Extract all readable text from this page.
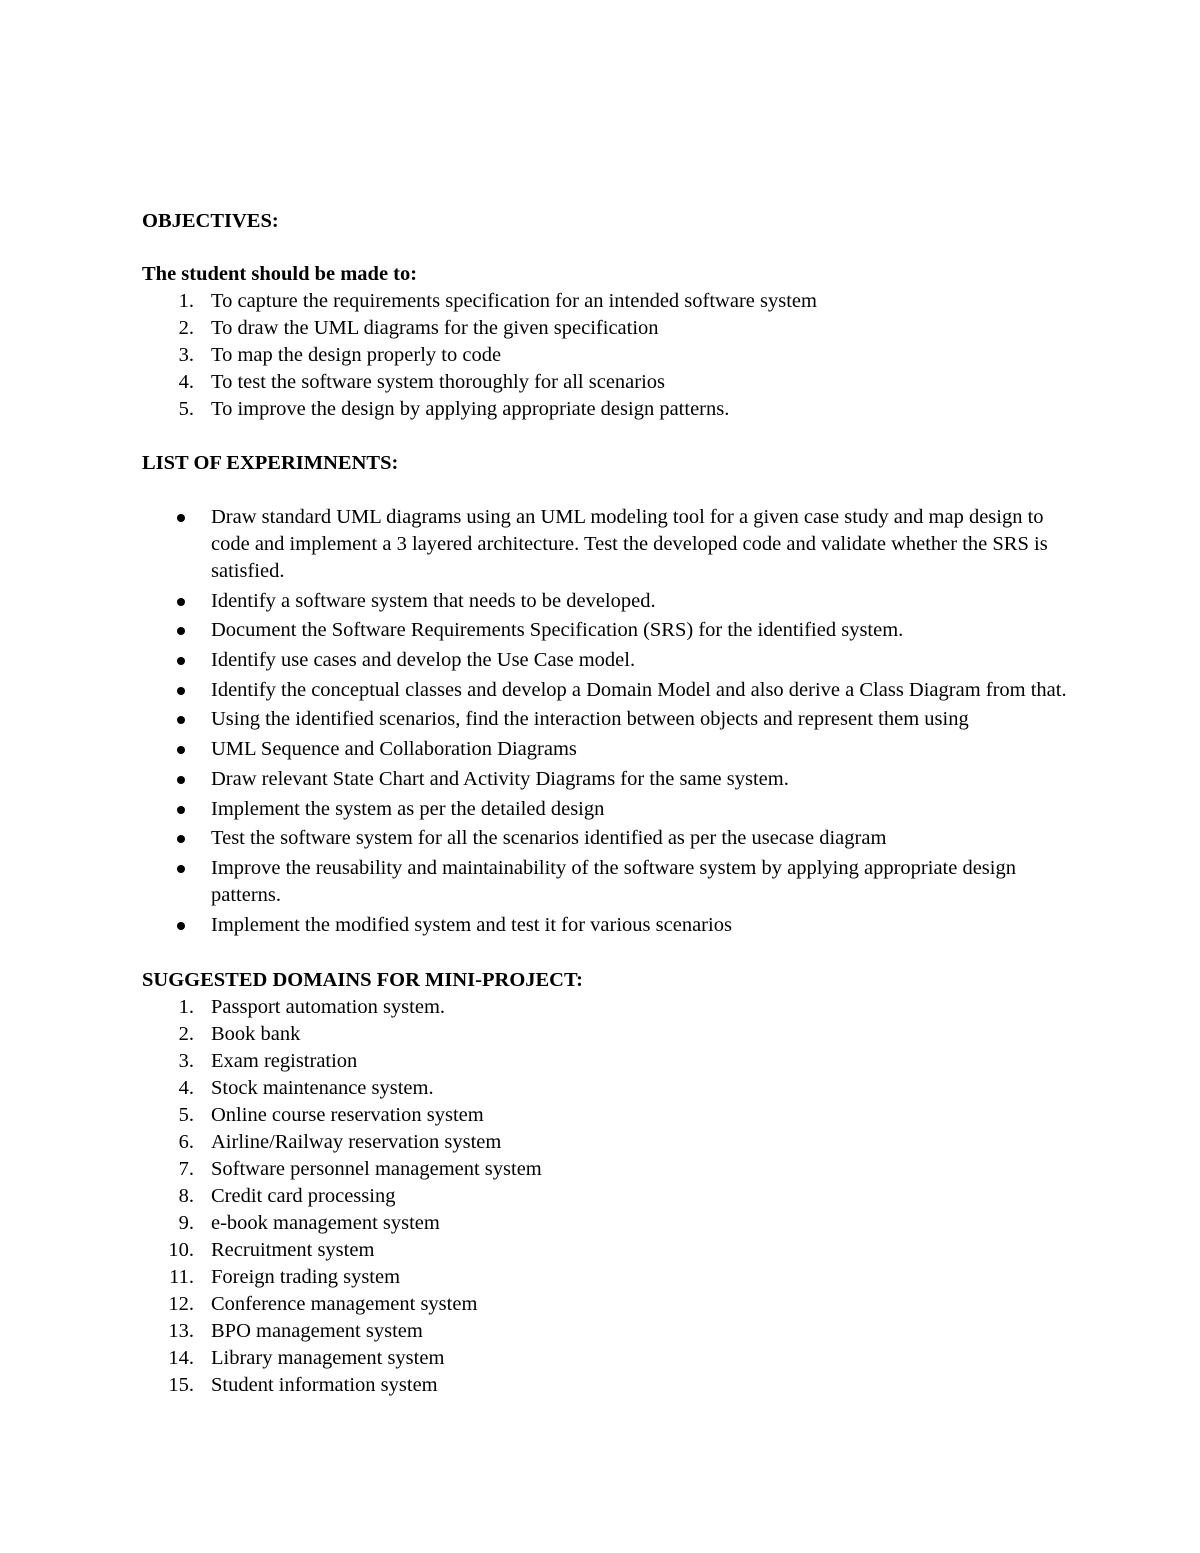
OBJECTIVES:

The student should be made to:

1. To capture the requirements specification for an intended software system
2. To draw the UML diagrams for the given specification
3. To map the design properly to code
4. To test the software system thoroughly for all scenarios
5. To improve the design by applying appropriate design patterns.
LIST OF EXPERIMNENTS:
Draw standard UML diagrams using an UML modeling tool for a given case study and map design to code and implement a 3 layered architecture. Test the developed code and validate whether the SRS is satisfied.
Identify a software system that needs to be developed.
Document the Software Requirements Specification (SRS) for the identified system.
Identify use cases and develop the Use Case model.
Identify the conceptual classes and develop a Domain Model and also derive a Class Diagram from that.
Using the identified scenarios, find the interaction between objects and represent them using
UML Sequence and Collaboration Diagrams
Draw relevant State Chart and Activity Diagrams for the same system.
Implement the system as per the detailed design
Test the software system for all the scenarios identified as per the usecase diagram
Improve the reusability and maintainability of the software system by applying appropriate design patterns.
Implement the modified system and test it for various scenarios
SUGGESTED DOMAINS FOR MINI-PROJECT:
1. Passport automation system.
2. Book bank
3. Exam registration
4. Stock maintenance system.
5. Online course reservation system
6. Airline/Railway reservation system
7. Software personnel management system
8. Credit card processing
9. e-book management system
10. Recruitment system
11. Foreign trading system
12. Conference management system
13. BPO management system
14. Library management system
15. Student information system
